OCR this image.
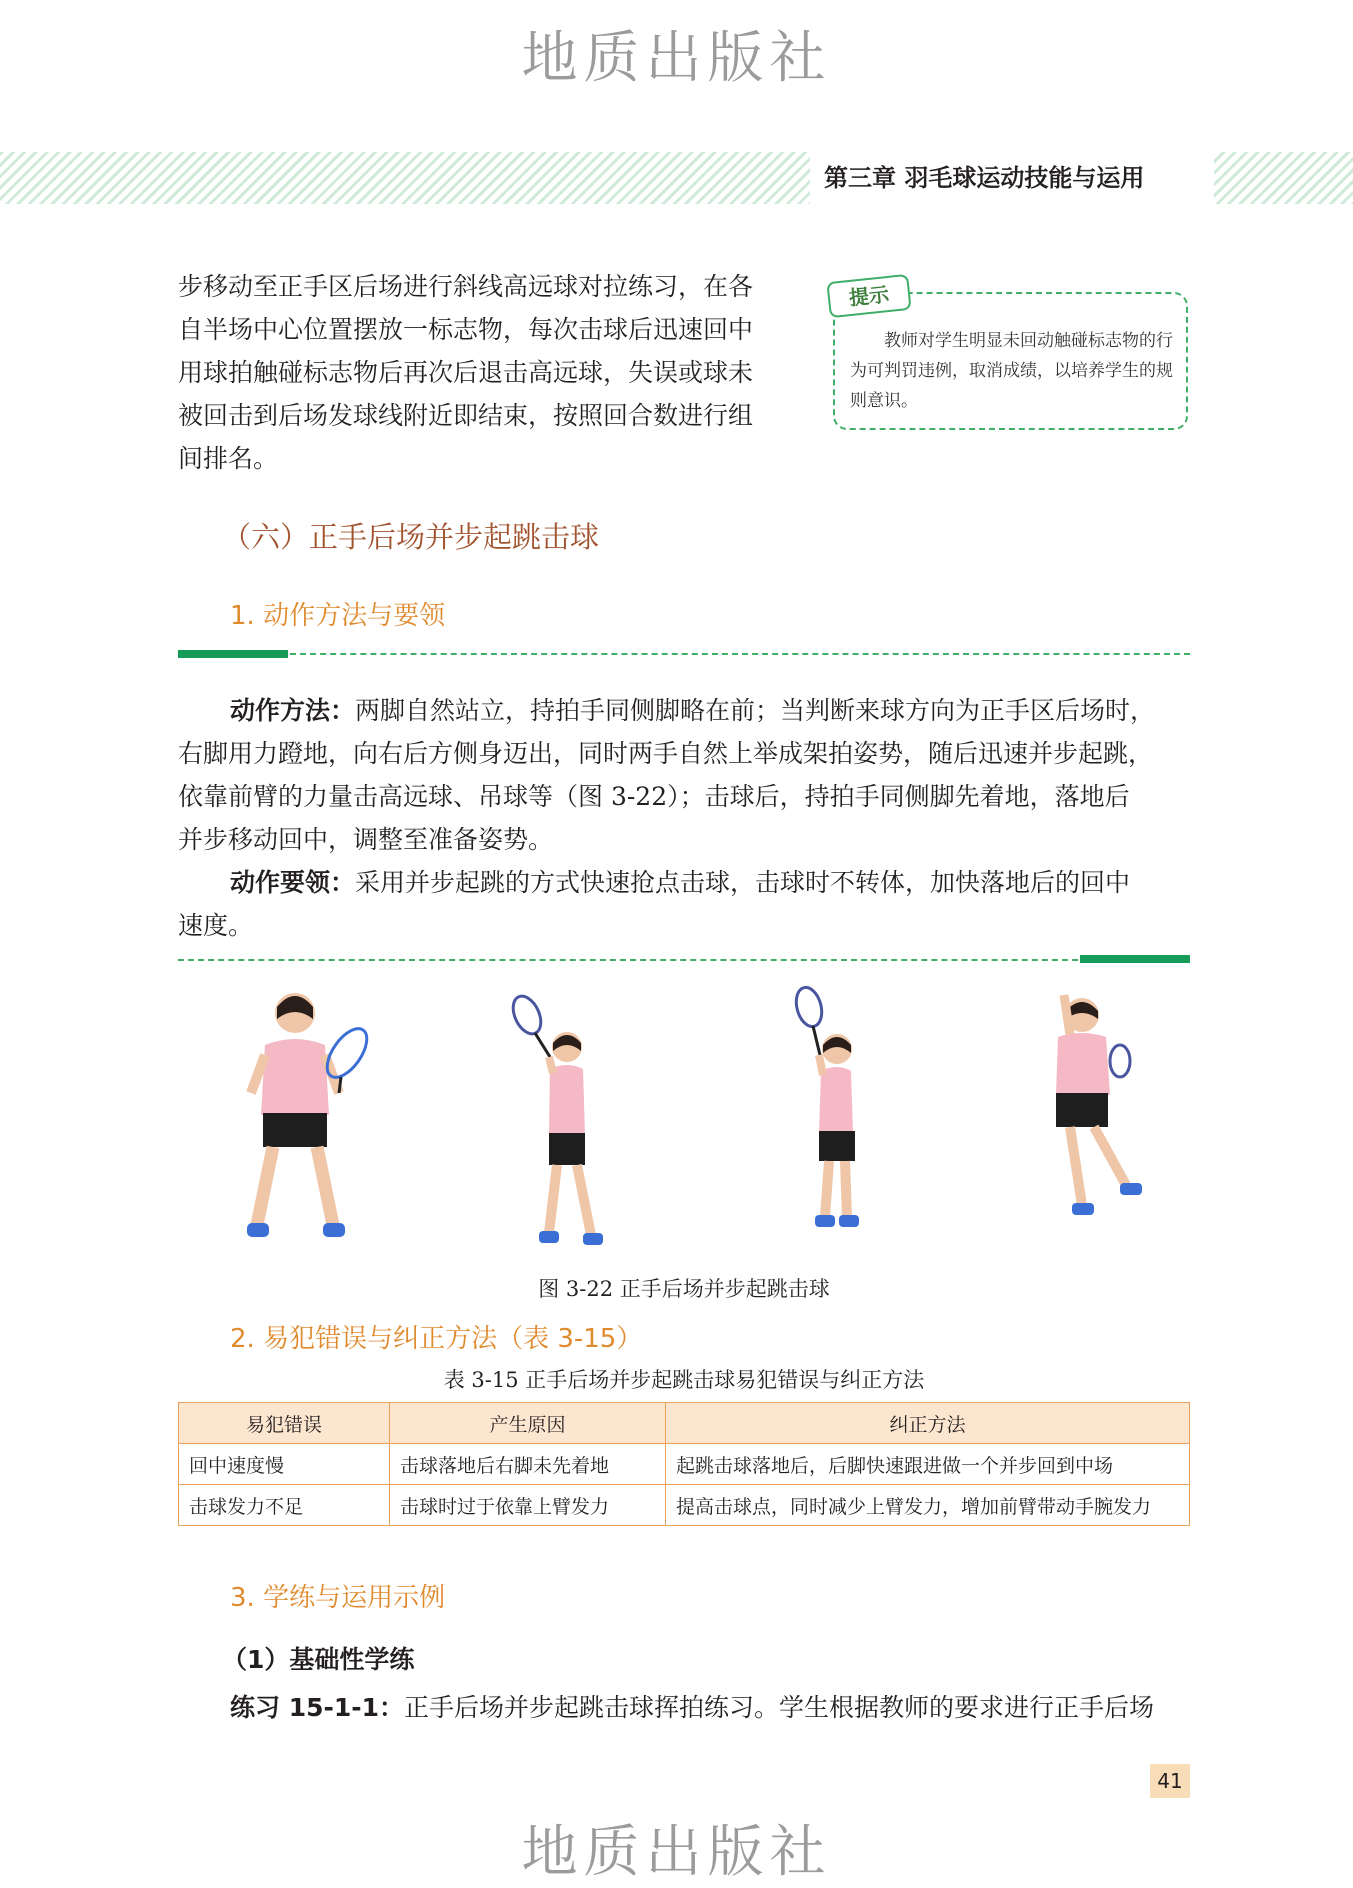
地质出版社
地质出版社
第三章 羽毛球运动技能与运用
步移动至正手区后场进行斜线高远球对拉练习，在各
自半场中心位置摆放一标志物，每次击球后迅速回中
用球拍触碰标志物后再次后退击高远球，失误或球未
被回击到后场发球线附近即结束，按照回合数进行组
间排名。
提示
教师对学生明显未回动触碰标志物的行为可判罚违例，取消成绩，以培养学生的规则意识。
（六）正手后场并步起跳击球
1. 动作方法与要领
动作方法：两脚自然站立，持拍手同侧脚略在前；当判断来球方向为正手区后场时，
右脚用力蹬地，向右后方侧身迈出，同时两手自然上举成架拍姿势，随后迅速并步起跳，
依靠前臂的力量击高远球、吊球等（图 3-22）；击球后，持拍手同侧脚先着地，落地后
并步移动回中，调整至准备姿势。
动作要领：采用并步起跳的方式快速抢点击球，击球时不转体，加快落地后的回中
速度。
图 3-22 正手后场并步起跳击球
2. 易犯错误与纠正方法（表 3-15）
表 3-15 正手后场并步起跳击球易犯错误与纠正方法
易犯错误	产生原因	纠正方法
回中速度慢	击球落地后右脚未先着地	起跳击球落地后，后脚快速跟进做一个并步回到中场
击球发力不足	击球时过于依靠上臂发力	提高击球点，同时减少上臂发力，增加前臂带动手腕发力
3. 学练与运用示例
（1）基础性学练
练习 15-1-1：正手后场并步起跳击球挥拍练习。学生根据教师的要求进行正手后场
41
